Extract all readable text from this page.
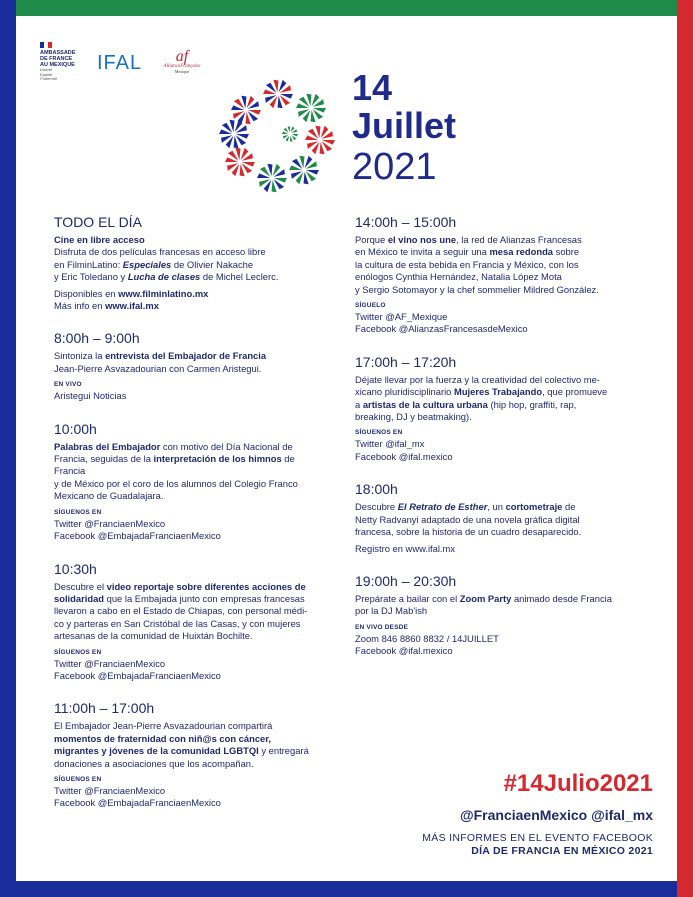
AMBASSADE
DE FRANCE
AU MEXIQUE
Liberté
Égalité
Fraternité
IFAL	af
AllianceFrançaise
Mexique	14
Juillet
2021
TODO EL DÍA

Cine en libre acceso

Disfruta de dos películas francesas en acceso libre

en FilminLatino: Especiales de Olivier Nakache

y Eric Toledano y Lucha de clases de Michel Leclerc.

Disponibles en www.filminlatino.mx

Más info en www.ifal.mx

8:00h – 9:00h

Sintoniza la entrevista del Embajador de Francia

Jean-Pierre Asvazadourian con Carmen Aristegui.

EN VIVO

Aristegui Noticias

10:00h

Palabras del Embajador con motivo del Día Nacional de

Francia, seguidas de la interpretación de los himnos de Francia

y de México por el coro de los alumnos del Colegio Franco

Mexicano de Guadalajara.

SÍGUENOS EN

Twitter @FranciaenMexico

Facebook @EmbajadaFranciaenMexico

10:30h

Descubre el video reportaje sobre diferentes acciones de

solidaridad que la Embajada junto con empresas francesas

llevaron a cabo en el Estado de Chiapas, con personal médi-

co y parteras en San Cristóbal de las Casas, y con mujeres

artesanas de la comunidad de Huixtán Bochilte.

SÍGUENOS EN

Twitter @FranciaenMexico

Facebook @EmbajadaFranciaenMexico

11:00h – 17:00h

El Embajador Jean-Pierre Asvazadourian compartirá

momentos de fraternidad con niñ@s con cáncer,

migrantes y jóvenes de la comunidad LGBTQI y entregará

donaciones a asociaciones que los acompañan.

SÍGUENOS EN

Twitter @FranciaenMexico

Facebook @EmbajadaFranciaenMexico

14:00h – 15:00h

Porque el vino nos une, la red de Alianzas Francesas

en México te invita a seguir una mesa redonda sobre

la cultura de esta bebida en Francia y México, con los

enólogos Cynthia Hernández, Natalia López Mota

y Sergio Sotomayor y la chef sommelier Mildred González.

SÍGUELO

Twitter @AF_Mexique

Facebook @AlianzasFrancesasdeMexico

17:00h – 17:20h

Déjate llevar por la fuerza y la creatividad del colectivo me-

xicano pluridisciplinario Mujeres Trabajando, que promueve

a artistas de la cultura urbana (hip hop, graffiti, rap,

breaking, DJ y beatmaking).

SÍGUENOS EN

Twitter @ifal_mx

Facebook @ifal.mexico

18:00h

Descubre El Retrato de Esther, un cortometraje de

Netty Radvanyi adaptado de una novela gráfica digital

francesa, sobre la historia de un cuadro desaparecido.

Registro en www.ifal.mx

19:00h – 20:30h

Prepárate a bailar con el Zoom Party animado desde Francia

por la DJ Mab'ish

EN VIVO DESDE

Zoom 846 8860 8832 / 14JUILLET

Facebook @ifal.mexico

#14Julio2021
@FranciaenMexico @ifal_mx
MÁS INFORMES EN EL EVENTO FACEBOOK
DÍA DE FRANCIA EN MÉXICO 2021
